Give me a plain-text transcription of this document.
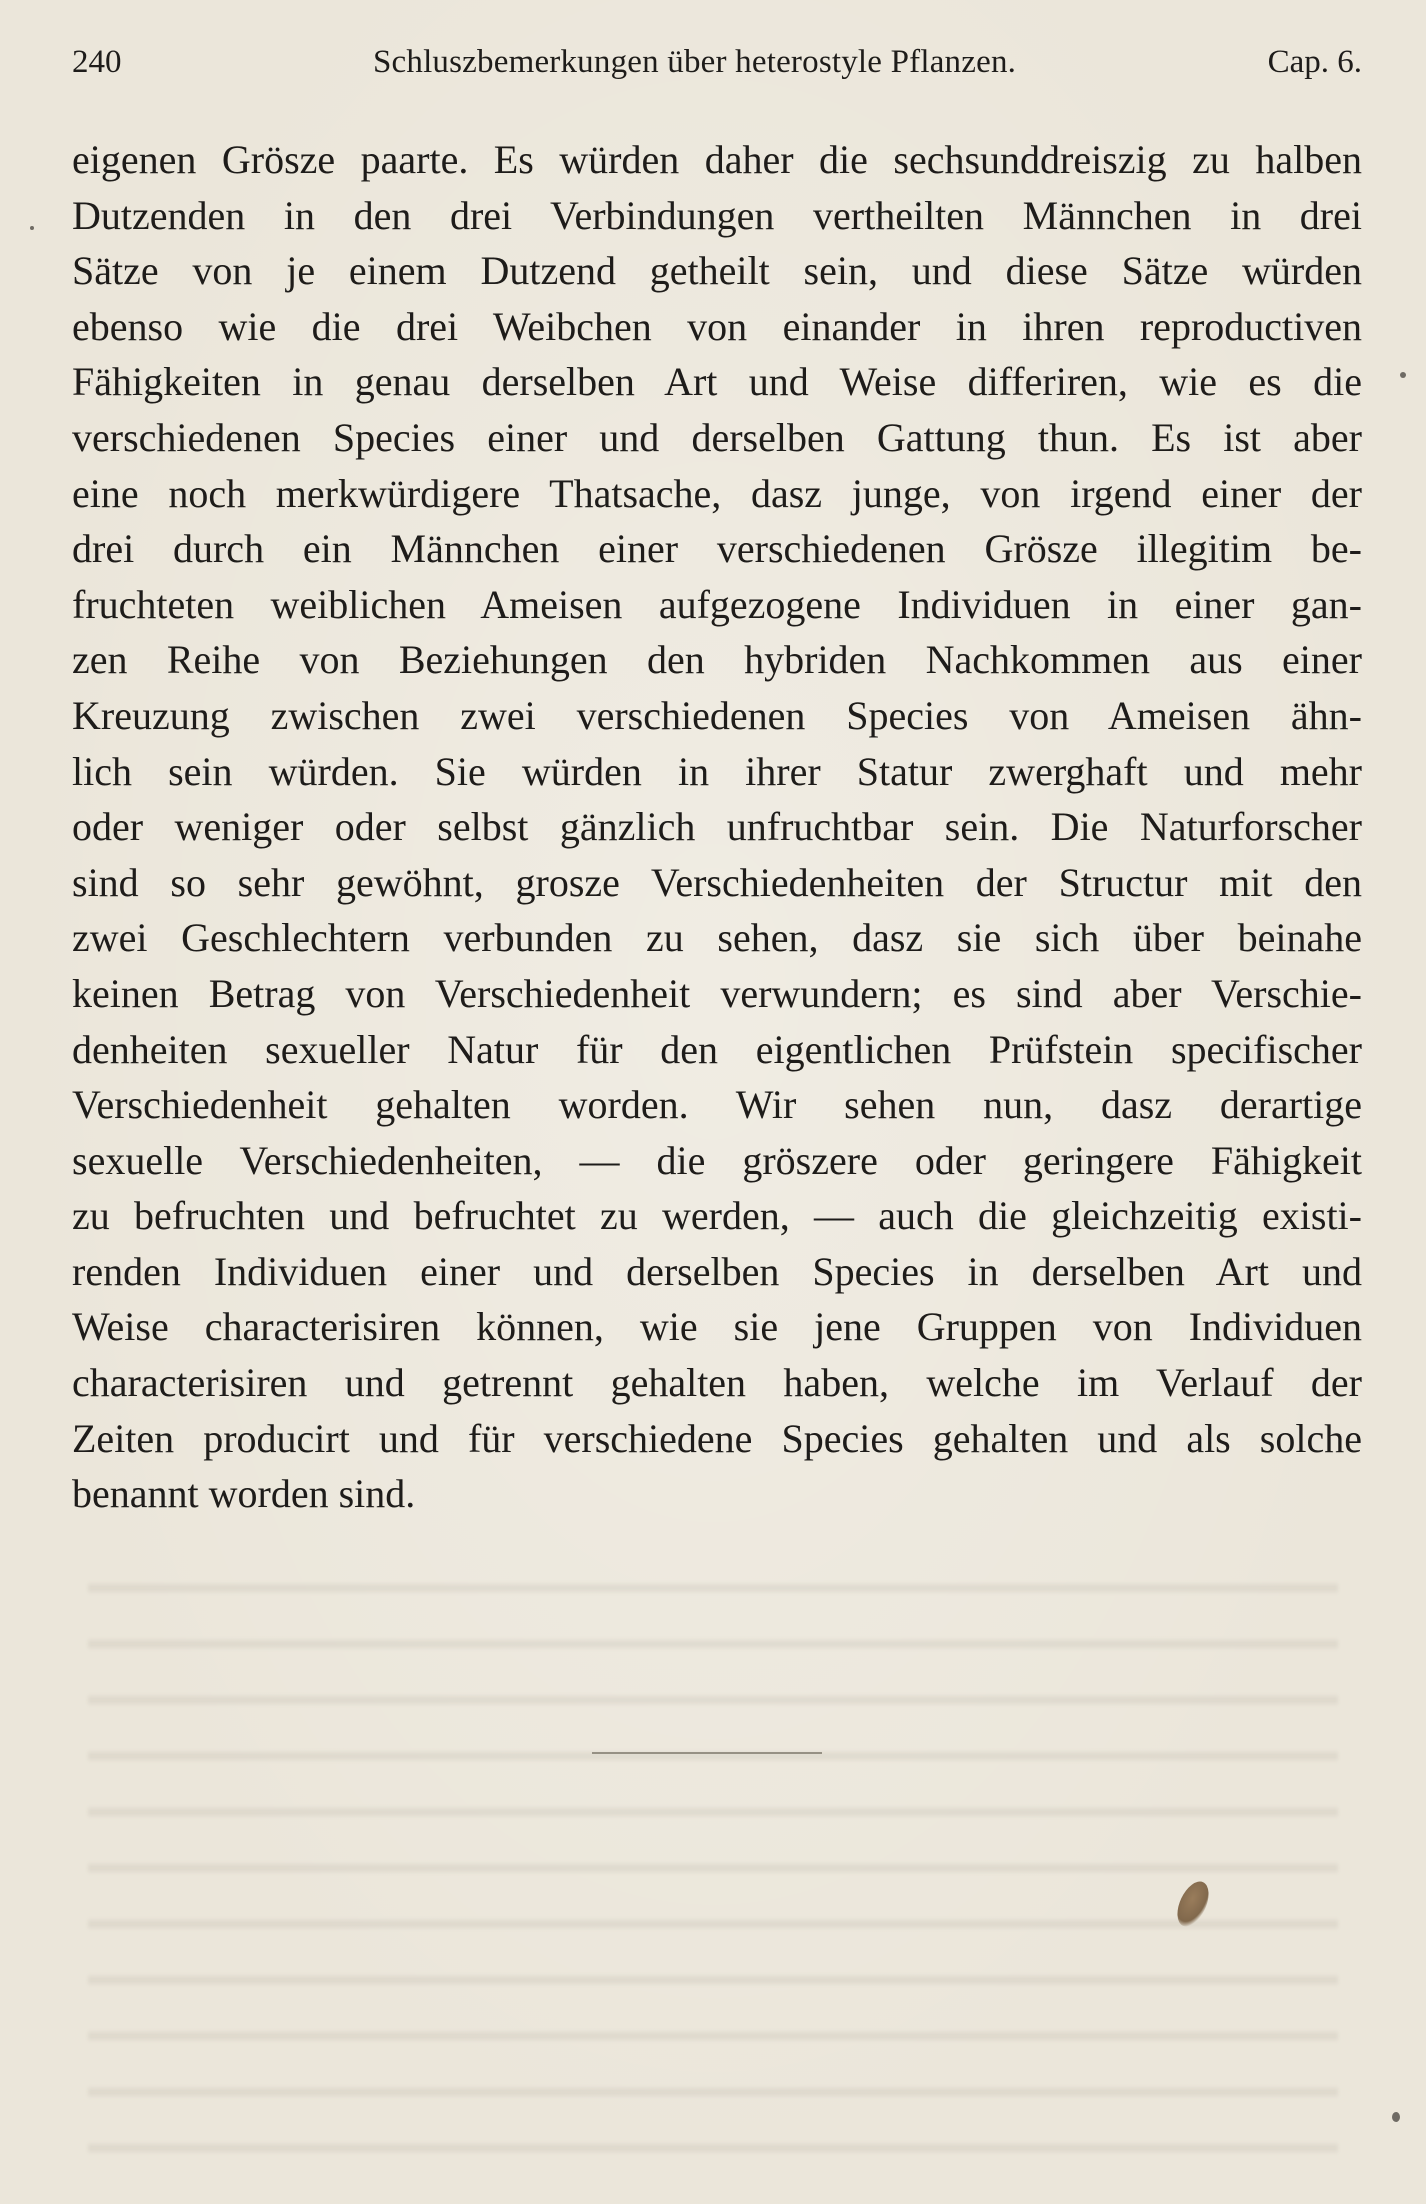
240	Schluszbemerkungen über heterostyle Pflanzen.	Cap. 6.
eigenen Grösze paarte. Es würden daher die sechsunddreiszig zu halben
Dutzenden in den drei Verbindungen vertheilten Männchen in drei
Sätze von je einem Dutzend getheilt sein, und diese Sätze würden
ebenso wie die drei Weibchen von einander in ihren reproductiven
Fähigkeiten in genau derselben Art und Weise differiren, wie es die
verschiedenen Species einer und derselben Gattung thun. Es ist aber
eine noch merkwürdigere Thatsache, dasz junge, von irgend einer der
drei durch ein Männchen einer verschiedenen Grösze illegitim be-
fruchteten weiblichen Ameisen aufgezogene Individuen in einer gan-
zen Reihe von Beziehungen den hybriden Nachkommen aus einer
Kreuzung zwischen zwei verschiedenen Species von Ameisen ähn-
lich sein würden. Sie würden in ihrer Statur zwerghaft und mehr
oder weniger oder selbst gänzlich unfruchtbar sein. Die Naturforscher
sind so sehr gewöhnt, grosze Verschiedenheiten der Structur mit den
zwei Geschlechtern verbunden zu sehen, dasz sie sich über beinahe
keinen Betrag von Verschiedenheit verwundern; es sind aber Verschie-
denheiten sexueller Natur für den eigentlichen Prüfstein specifischer
Verschiedenheit gehalten worden. Wir sehen nun, dasz derartige
sexuelle Verschiedenheiten, — die gröszere oder geringere Fähigkeit
zu befruchten und befruchtet zu werden, — auch die gleichzeitig existi-
renden Individuen einer und derselben Species in derselben Art und
Weise characterisiren können, wie sie jene Gruppen von Individuen
characterisiren und getrennt gehalten haben, welche im Verlauf der
Zeiten producirt und für verschiedene Species gehalten und als solche
benannt worden sind.
